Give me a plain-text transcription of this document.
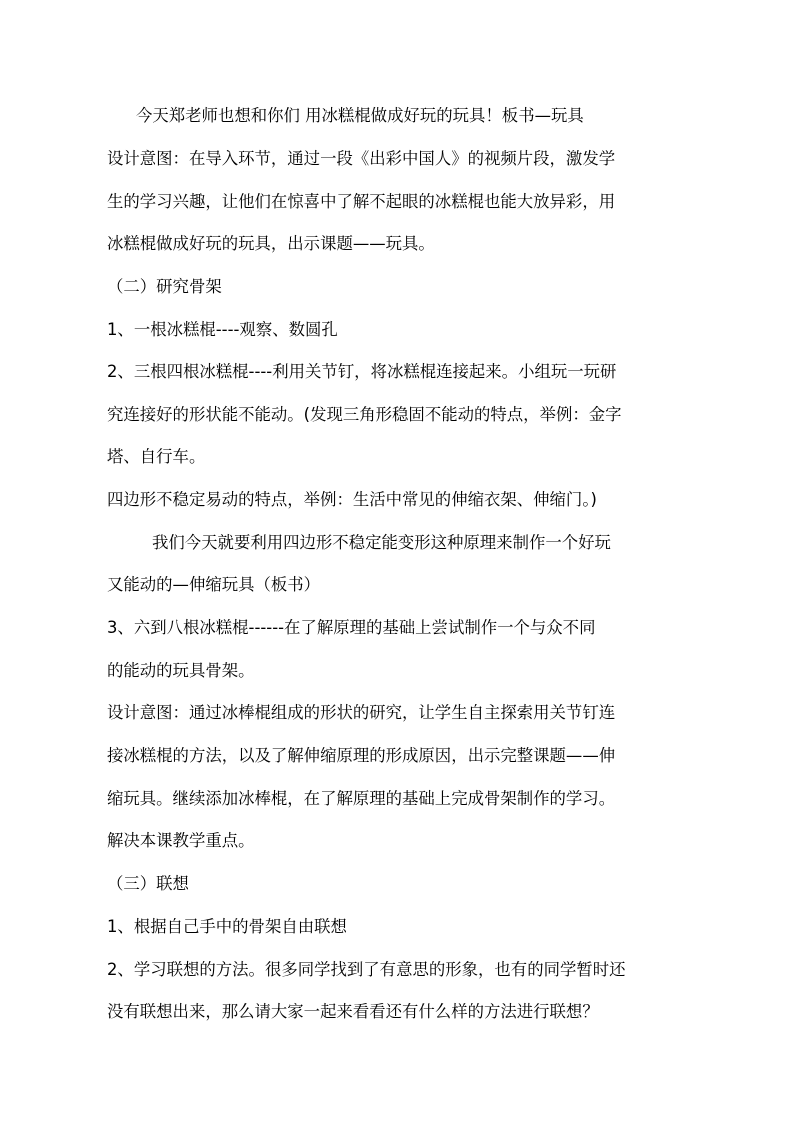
今天郑老师也想和你们 用冰糕棍做成好玩的玩具！板书—玩具
设计意图：在导入环节，通过一段《出彩中国人》的视频片段，激发学
生的学习兴趣，让他们在惊喜中了解不起眼的冰糕棍也能大放异彩，用
冰糕棍做成好玩的玩具，出示课题——玩具。
（二）研究骨架
1、一根冰糕棍----观察、数圆孔
2、三根四根冰糕棍----利用关节钉，将冰糕棍连接起来。小组玩一玩研
究连接好的形状能不能动。(发现三角形稳固不能动的特点，举例：金字
塔、自行车。
四边形不稳定易动的特点，举例：生活中常见的伸缩衣架、伸缩门。)
我们今天就要利用四边形不稳定能变形这种原理来制作一个好玩
又能动的—伸缩玩具（板书）
3、六到八根冰糕棍------在了解原理的基础上尝试制作一个与众不同
的能动的玩具骨架。
设计意图：通过冰棒棍组成的形状的研究，让学生自主探索用关节钉连
接冰糕棍的方法，以及了解伸缩原理的形成原因，出示完整课题——伸
缩玩具。继续添加冰棒棍，在了解原理的基础上完成骨架制作的学习。
解决本课教学重点。
（三）联想
1、根据自己手中的骨架自由联想
2、学习联想的方法。很多同学找到了有意思的形象，也有的同学暂时还
没有联想出来，那么请大家一起来看看还有什么样的方法进行联想？
